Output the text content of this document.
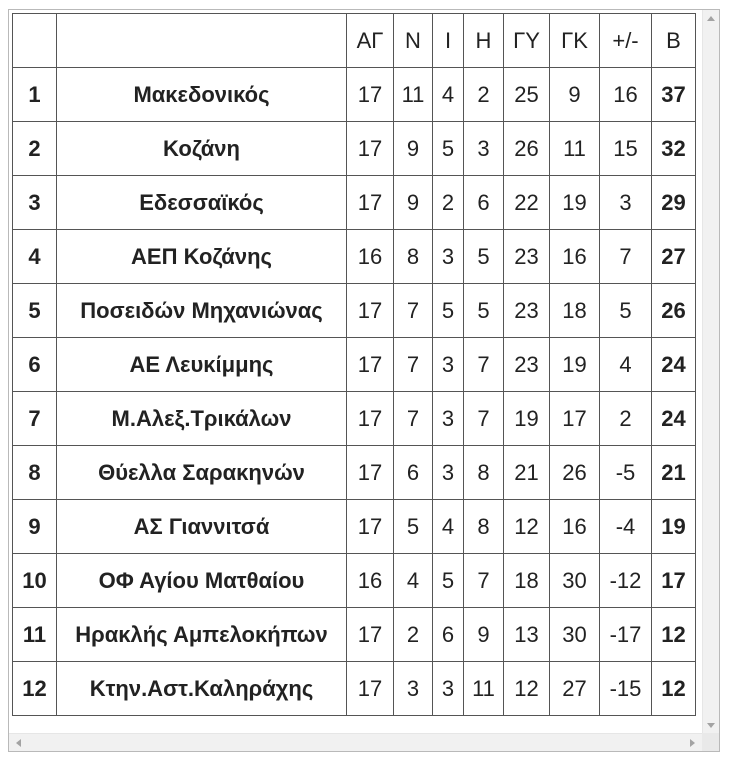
		ΑΓ	Ν	Ι	Η	ΓΥ	ΓΚ	+/-	Β
1	Μακεδονικός	17	11	4	2	25	9	16	37
2	Κοζάνη	17	9	5	3	26	11	15	32
3	Εδεσσαϊκός	17	9	2	6	22	19	3	29
4	ΑΕΠ Κοζάνης	16	8	3	5	23	16	7	27
5	Ποσειδών Μηχανιώνας	17	7	5	5	23	18	5	26
6	ΑΕ Λευκίμμης	17	7	3	7	23	19	4	24
7	Μ.Αλεξ.Τρικάλων	17	7	3	7	19	17	2	24
8	Θύελλα Σαρακηνών	17	6	3	8	21	26	-5	21
9	ΑΣ Γιαννιτσά	17	5	4	8	12	16	-4	19
10	ΟΦ Αγίου Ματθαίου	16	4	5	7	18	30	-12	17
11	Ηρακλής Αμπελοκήπων	17	2	6	9	13	30	-17	12
12	Κτην.Αστ.Καληράχης	17	3	3	11	12	27	-15	12
